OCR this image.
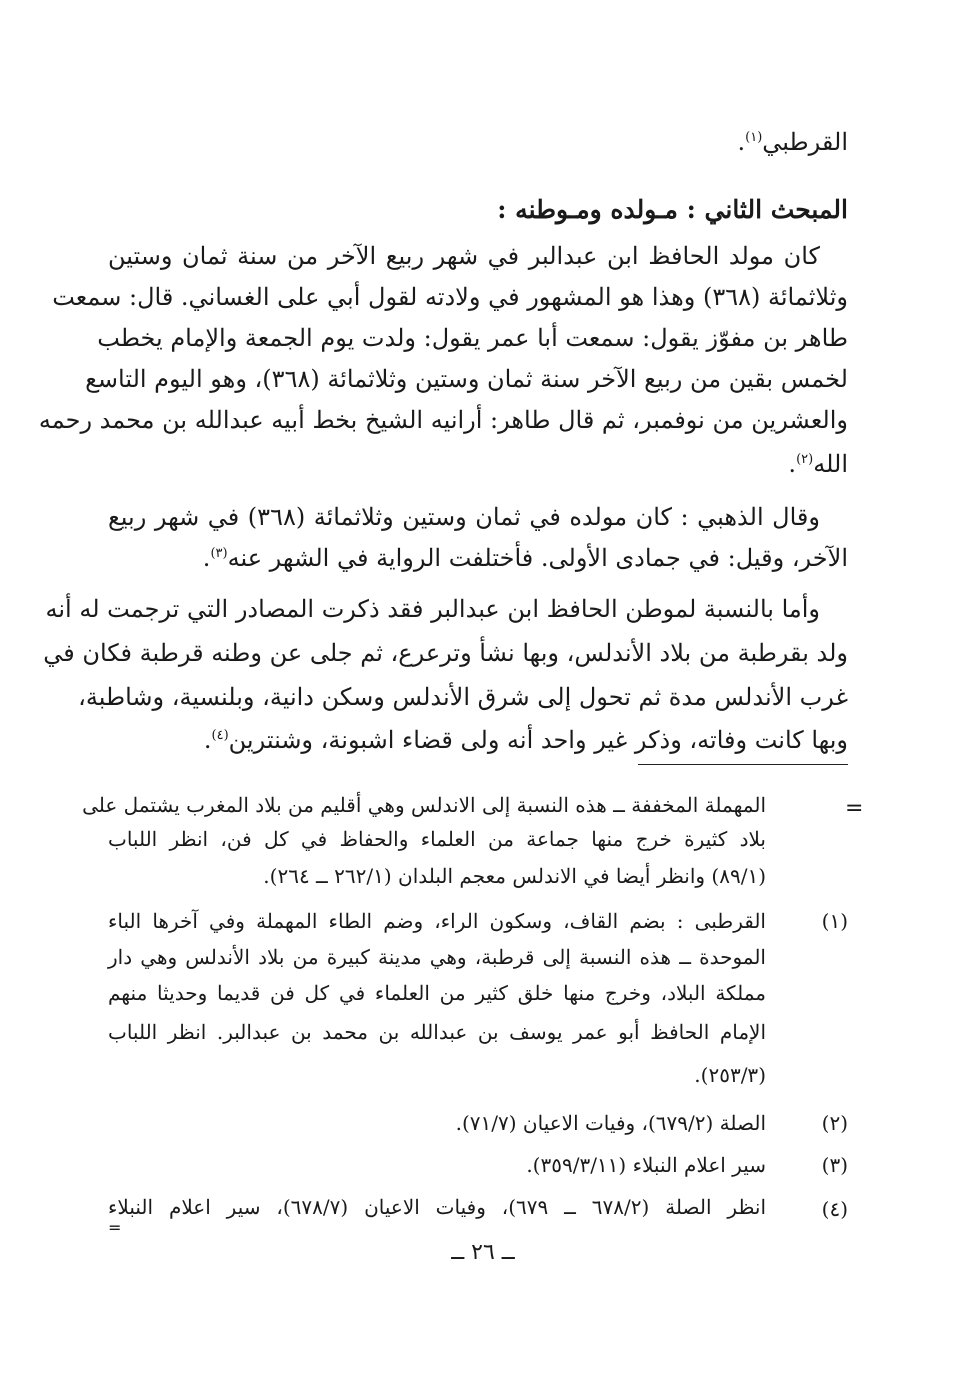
القرطبي$^{(١)}$.
المبحث الثاني : مـولده ومـوطنه :
كان مولد الحافظ ابن عبدالبر في شهر ربيع الآخر من سنة ثمان وستين
وثلاثمائة (٣٦٨) وهذا هو المشهور في ولادته لقول أبي على الغساني. قال: سمعت
طاهر بن مفوّز يقول: سمعت أبا عمر يقول: ولدت يوم الجمعة والإمام يخطب
لخمس بقين من ربيع الآخر سنة ثمان وستين وثلاثمائة (٣٦٨)، وهو اليوم التاسع
والعشرين من نوفمبر، ثم قال طاهر: أرانيه الشيخ بخط أبيه عبدالله بن محمد رحمه
الله$^{(٢)}$.
وقال الذهبي : كان مولده في ثمان وستين وثلاثمائة (٣٦٨) في شهر ربيع
الآخر، وقيل: في جمادى الأولى. فأختلفت الرواية في الشهر عنه$^{(٣)}$.
وأما بالنسبة لموطن الحافظ ابن عبدالبر فقد ذكرت المصادر التي ترجمت له أنه
ولد بقرطبة من بلاد الأندلس، وبها نشأ وترعرع، ثم جلى عن وطنه قرطبة فكان في
غرب الأندلس مدة ثم تحول إلى شرق الأندلس وسكن دانية، وبلنسية، وشاطبة،
وبها كانت وفاته، وذكر غير واحد أنه ولى قضاء اشبونة، وشنترين$^{(٤)}$.
=
المهملة المخففة ــ هذه النسبة إلى الاندلس وهي أقليم من بلاد المغرب يشتمل على
بلاد كثيرة خرج منها جماعة من العلماء والحفاظ في كل فن، انظر اللباب
(٨٩/١) وانظر أيضا في الاندلس معجم البلدان (٢٦٢/١ ــ ٢٦٤).
(١)
القرطبى : بضم القاف، وسكون الراء، وضم الطاء المهملة وفي آخرها الباء
الموحدة ــ هذه النسبة إلى قرطبة، وهي مدينة كبيرة من بلاد الأندلس وهي دار
مملكة البلاد، وخرج منها خلق كثير من العلماء في كل فن قديما وحديثا منهم
الإمام الحافظ أبو عمر يوسف بن عبدالله بن محمد بن عبدالبر. انظر اللباب
(٢٥٣/٣).
(٢)
الصلة (٦٧٩/٢)، وفيات الاعيان (٧١/٧).
(٣)
سير اعلام النبلاء (٣٥٩/٣/١١).
(٤)
انظر الصلة (٦٧٨/٢ ــ ٦٧٩)، وفيات الاعيان (٦٧٨/٧)، سير اعلام النبلاء
=
ــ ٢٦ ــ
